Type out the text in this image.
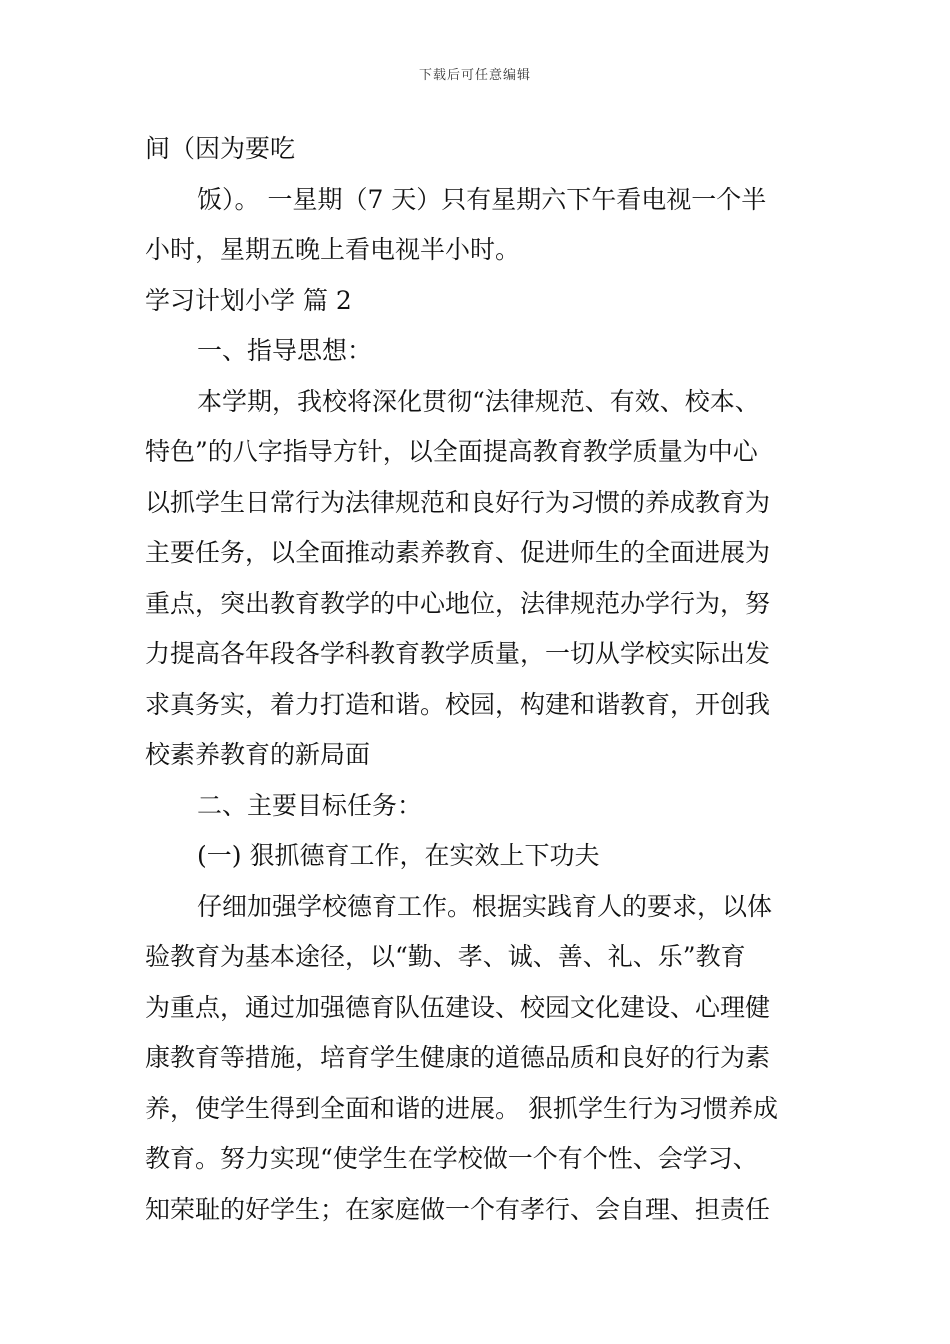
下载后可任意编辑
间（因为要吃
饭）。 一星期（7 天）只有星期六下午看电视一个半
小时，星期五晚上看电视半小时。
学习计划小学 篇 2
一、指导思想：
本学期，我校将深化贯彻“法律规范、有效、校本、
特色”的八字指导方针，以全面提高教育教学质量为中心
以抓学生日常行为法律规范和良好行为习惯的养成教育为
主要任务，以全面推动素养教育、促进师生的全面进展为
重点，突出教育教学的中心地位，法律规范办学行为，努
力提高各年段各学科教育教学质量，一切从学校实际出发
求真务实，着力打造和谐。校园，构建和谐教育，开创我
校素养教育的新局面
二、主要目标任务：
(一) 狠抓德育工作，在实效上下功夫
仔细加强学校德育工作。根据实践育人的要求，以体
验教育为基本途径，以“勤、孝、诚、善、礼、乐”教育
为重点，通过加强德育队伍建设、校园文化建设、心理健
康教育等措施，培育学生健康的道德品质和良好的行为素
养，使学生得到全面和谐的进展。 狠抓学生行为习惯养成
教育。努力实现“使学生在学校做一个有个性、会学习、
知荣耻的好学生；在家庭做一个有孝行、会自理、担责任
